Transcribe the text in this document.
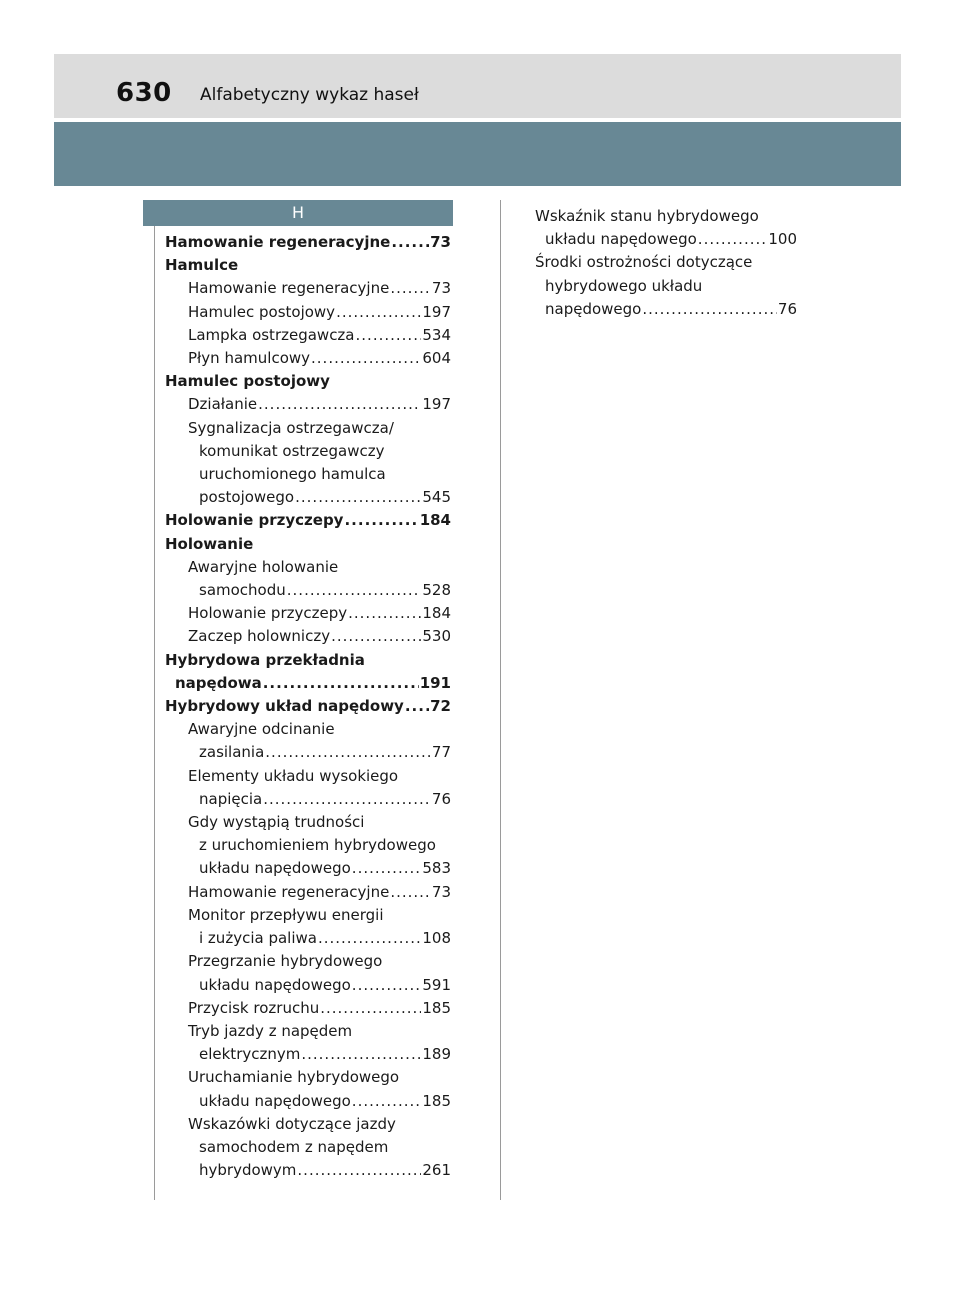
630 Alfabetyczny wykaz haseł
H
Hamowanie regeneracyjne .....	73
Hamulce
Hamowanie regeneracyjne .....	73
Hamulec postojowy .....	197
Lampka ostrzegawcza .....	534
Płyn hamulcowy .....	604
Hamulec postojowy
Działanie .....	197
Sygnalizacja ostrzegawcza/
komunikat ostrzegawczy
uruchomionego hamulca
postojowego .....	545
Holowanie przyczepy .....	184
Holowanie
Awaryjne holowanie
samochodu .....	528
Holowanie przyczepy .....	184
Zaczep holowniczy .....	530
Hybrydowa przekładnia
napędowa .....	191
Hybrydowy układ napędowy ..... 72
Awaryjne odcinanie
zasilania .....	77
Elementy układu wysokiego
napięcia .....	76
Gdy wystąpią trudności
z uruchomieniem hybrydowego
układu napędowego .....	583
Hamowanie regeneracyjne .....	73
Monitor przepływu energii
i zużycia paliwa .....	108
Przegrzanie hybrydowego
układu napędowego .....	591
Przycisk rozruchu .....	185
Tryb jazdy z napędem
elektrycznym .....	189
Uruchamianie hybrydowego
układu napędowego .....	185
Wskazówki dotyczące jazdy
samochodem z napędem
hybrydowym .....	261
Wskaźnik stanu hybrydowego
układu napędowego .....	100
Środki ostrożności dotyczące
hybrydowego układu
napędowego .....	76
